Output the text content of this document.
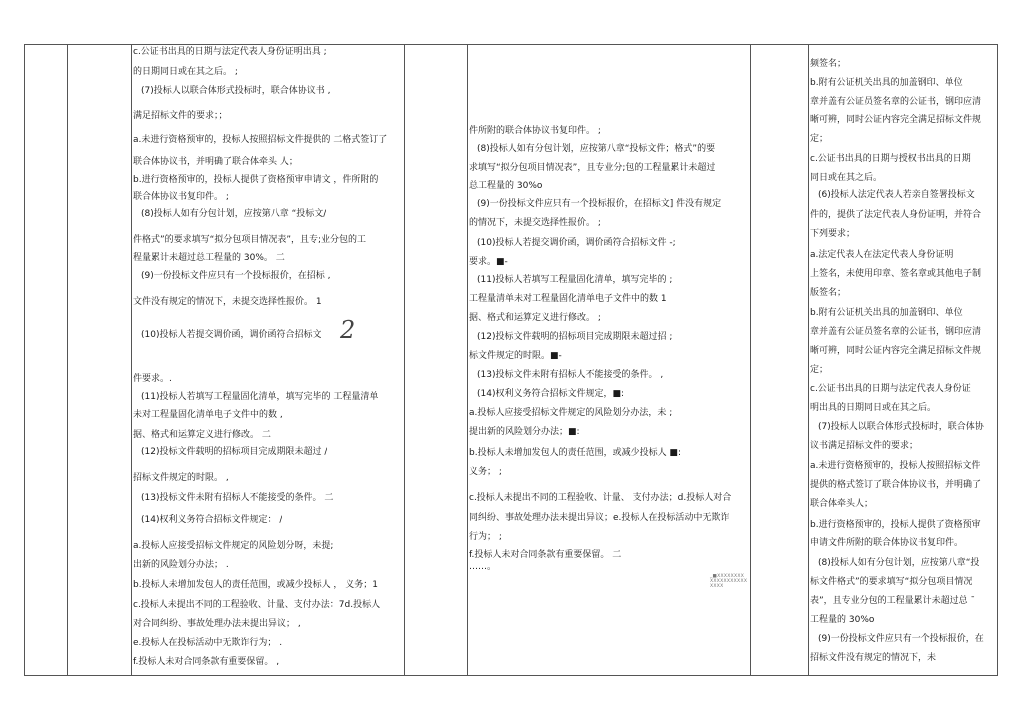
c.公证书出具的日期与法定代表人身份证明出具 ;

的日期同日或在其之后。 ;

(7)投标人以联合体形式投标时，联合体协议书 ,

满足招标文件的要求；；

a.未进行资格预审的，投标人按照招标文件提供的 二格式签订了

联合体协议书，并明确了联合体牵头 人；

b.进行资格预审的，投标人提供了资格预审申请文 ，件所附的

联合体协议书复印件。 ;

(8)投标人如有分包计划，应按第八章 “投标文/

件格式”的要求填写“拟分包项目情况表”，且专;业分包的工

程量累计未超过总工程量的 30%。 二

(9)一份投标文件应只有一个投标报价，在招标 ,

文件没有规定的情况下，未提交选择性报价。 1

(10)投标人若提交调价函，调价函符合招标文

件要求。.

(11)投标人若填写工程量固化清单，填写完毕的 工程量清单

未对工程量固化清单电子文件中的数 ,

据、格式和运算定义进行修改。 二

(12)投标文件载明的招标项目完成期限未超过 /

招标文件规定的时限。 ,

(13)投标文件未附有招标人不能接受的条件。 二

(14)权利义务符合招标文件规定： /

a.投标人应接受招标文件规定的风险划分呀，未提;

出新的风险划分办法； .

b.投标人未增加发包人的责任范围，或减少投标人 ， 义务；1

c.投标人未提出不同的工程验收、计量、支付办法：7d.投标人

对合同纠纷、事故处理办法未提出异议； ,

e.投标人在投标活动中无欺诈行为； .

f.投标人未对合同条款有重要保留。 ,

2

件所附的联合体协议书复印件。 ;

(8)投标人如有分包计划，应按第八章“投标文件；格式”的要

求填写“拟分包项目情况表”，且专业分;包的工程量累计未超过

总工程量的 30%o

(9)一份投标文件应只有一个投标报价，在招标文] 件没有规定

的情况下，未提交选择性报价。 ;

(10)投标人若提交调价函，调价函符合招标文件 -;

要求。■-

(11)投标人若填写工程量固化清单，填写完毕的 ;

工程量清单未对工程量固化清单电子文件中的数 1

据、格式和运算定义进行修改。 ;

(12)投标文件载明的招标项目完成期限未超过招 ;

标文件规定的时限。■-

(13)投标文件未附有招标人不能接受的条件。 ,

(14)权利义务符合招标文件规定，■:

a.投标人应接受招标文件规定的风险划分办法，未 ;

提出新的风险划分办法；■:

b.投标人未增加发包人的责任范围，或减少投标人 ■:

义务； ;

c.投标人未提出不同的工程验收、计量、 支付办法；d.投标人对合

同纠纷、事故处理办法未提出异议；e.投标人在投标活动中无欺诈

行为； ;

f.投标人未对合同条款有重要保留。 二

……。

_■XXXXXXXX
XXXXXXXXXXX
XXXX

频签名；

b.附有公证机关出具的加盖钢印、单位

章并盖有公证员签名章的公证书，钢印应清

晰可辨，同时公证内容完全满足招标文件规

定；

c.公证书出具的日期与授权书出具的日期

同日或在其之后。

(6)投标人法定代表人若亲自签署投标文

件的，提供了法定代表人身份证明，并符合

下列要求；

a.法定代表人在法定代表人身份证明

上签名，未使用印章、签名章或其他电子制

版签名；

b.附有公证机关出具的加盖钢印、单位

章并盖有公证员签名章的公证书，钢印应清

晰可辨，同时公证内容完全满足招标文件规

定；

c.公证书出具的日期与法定代表人身份证

明出具的日期同日或在其之后。

(7)投标人以联合体形式投标时，联合体协

议书满足招标文件的要求；

a.未进行资格预审的，投标人按照招标文件

提供的格式签订了联合体协议书，并明确了

联合体牵头人；

b.进行资格预审的，投标人提供了资格预审

申请文件所附的联合体协议书复印件。

(8)投标人如有分包计划，应按第八章“投

标文件格式”的要求填写“拟分包项目情况

表”，且专业分包的工程量累计未超过总 ˉ

工程量的 30%o

(9)一份投标文件应只有一个投标报价，在

招标文件没有规定的情况下，未
